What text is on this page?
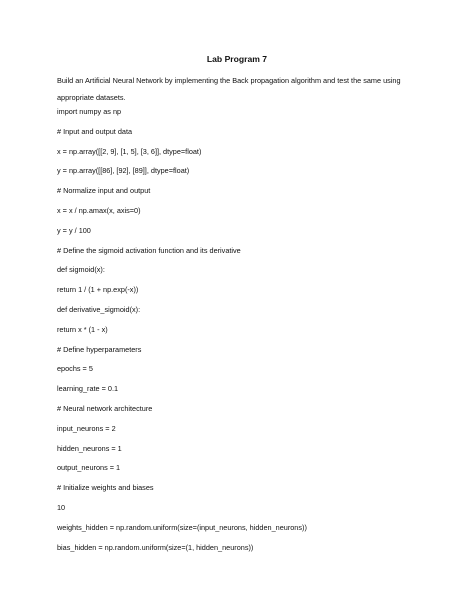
Lab Program 7
Build an Artificial Neural Network by implementing the Back propagation algorithm and test the same using appropriate datasets.
import numpy as np
# Input and output data
x = np.array([[2, 9], [1, 5], [3, 6]], dtype=float)
y = np.array([[86], [92], [89]], dtype=float)
# Normalize input and output
x = x / np.amax(x, axis=0)
y = y / 100
# Define the sigmoid activation function and its derivative
def sigmoid(x):
return 1 / (1 + np.exp(-x))
def derivative_sigmoid(x):
return x * (1 - x)
# Define hyperparameters
epochs = 5
learning_rate = 0.1
# Neural network architecture
input_neurons = 2
hidden_neurons = 1
output_neurons = 1
# Initialize weights and biases
10
weights_hidden = np.random.uniform(size=(input_neurons, hidden_neurons))
bias_hidden = np.random.uniform(size=(1, hidden_neurons))
